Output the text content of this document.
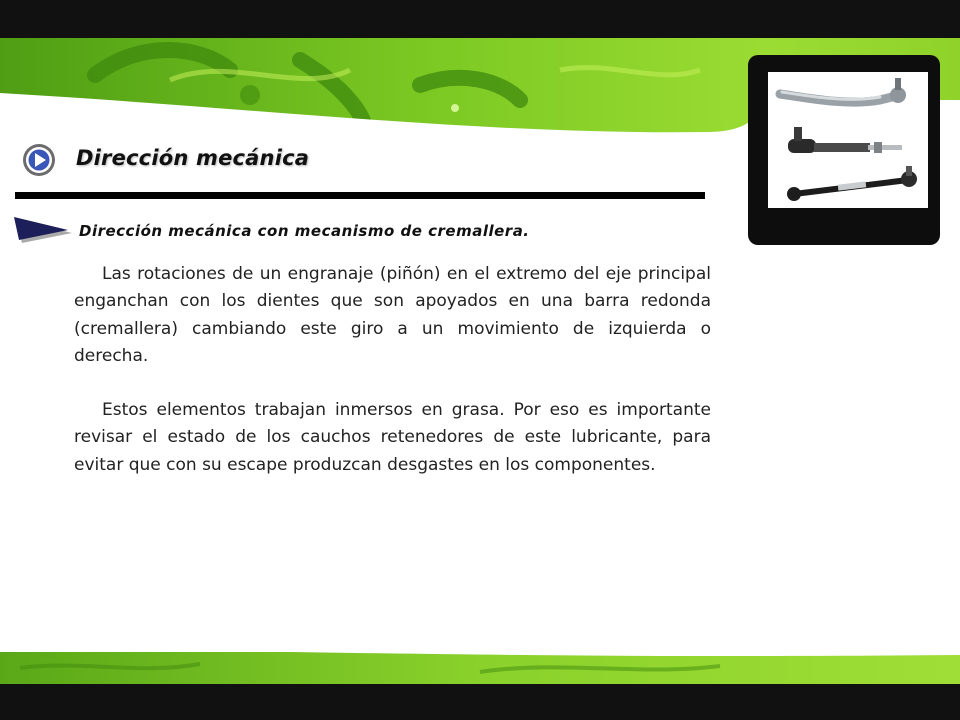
Dirección mecánica
Dirección mecánica con mecanismo de cremallera.

Las rotaciones de un engranaje (piñón) en el extremo del eje principal enganchan con los dientes que son apoyados en una barra redonda (cremallera) cambiando este giro a un movimiento de izquierda o derecha.

Estos elementos trabajan inmersos en grasa. Por eso es importante revisar el estado de los cauchos retenedores de este lubricante, para evitar que con su escape produzcan desgastes en los componentes.
